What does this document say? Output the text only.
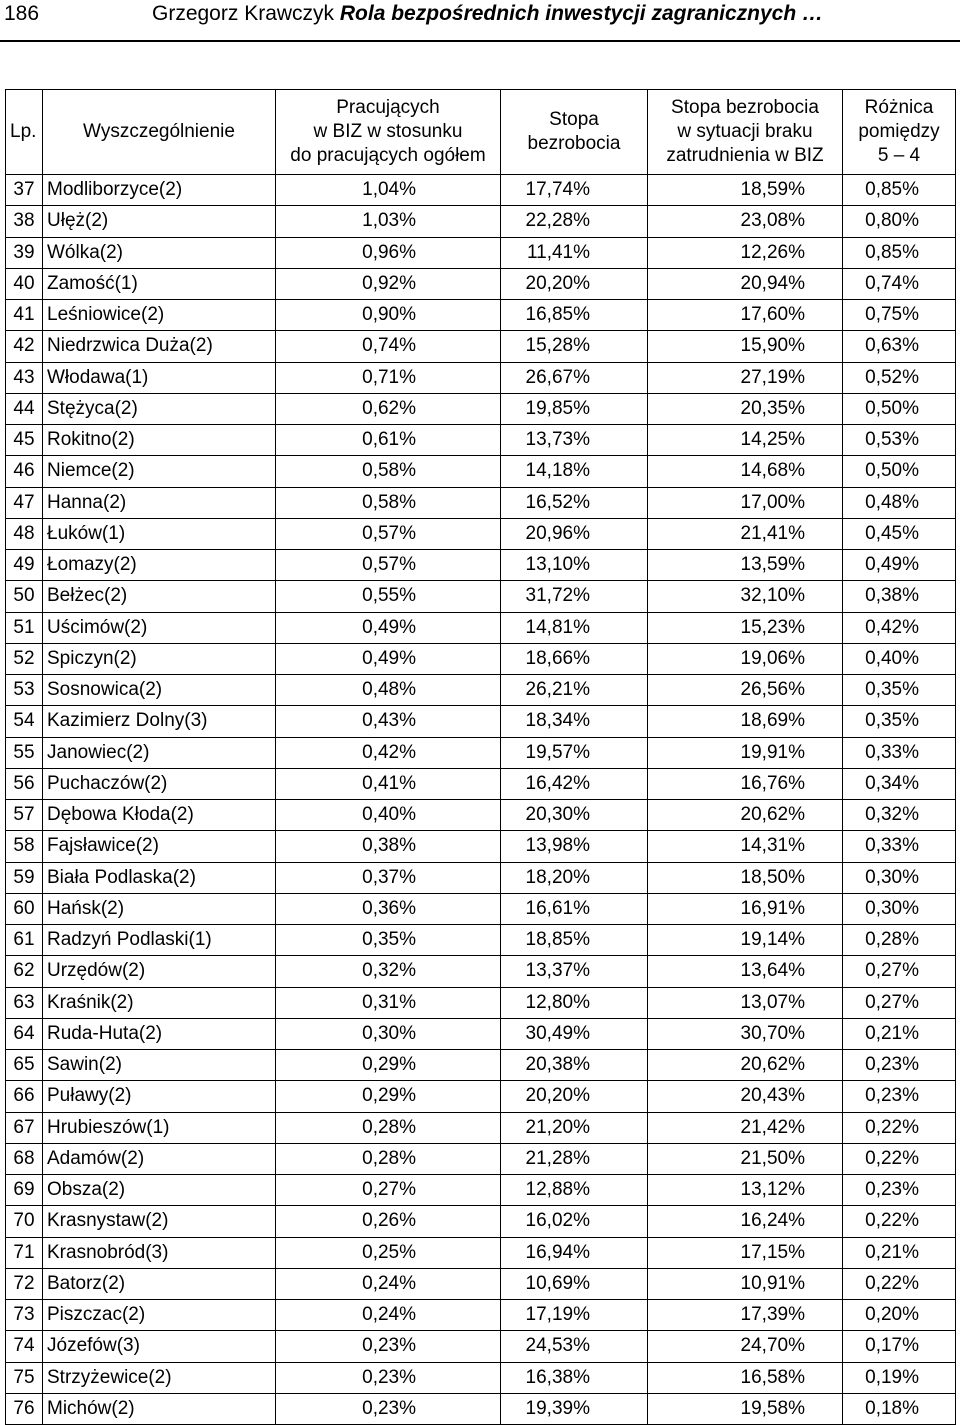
186	Grzegorz Krawczyk Rola bezpośrednich inwestycji zagranicznych …
Lp.	Wyszczególnienie	Pracujących
w BIZ w stosunku
do pracujących ogółem	Stopa
bezrobocia	Stopa bezrobocia
w sytuacji braku
zatrudnienia w BIZ	Różnica
pomiędzy
5 – 4
37	Modliborzyce(2)	1,04%	17,74%	18,59%	0,85%
38	Ułęż(2)	1,03%	22,28%	23,08%	0,80%
39	Wólka(2)	0,96%	11,41%	12,26%	0,85%
40	Zamość(1)	0,92%	20,20%	20,94%	0,74%
41	Leśniowice(2)	0,90%	16,85%	17,60%	0,75%
42	Niedrzwica Duża(2)	0,74%	15,28%	15,90%	0,63%
43	Włodawa(1)	0,71%	26,67%	27,19%	0,52%
44	Stężyca(2)	0,62%	19,85%	20,35%	0,50%
45	Rokitno(2)	0,61%	13,73%	14,25%	0,53%
46	Niemce(2)	0,58%	14,18%	14,68%	0,50%
47	Hanna(2)	0,58%	16,52%	17,00%	0,48%
48	Łuków(1)	0,57%	20,96%	21,41%	0,45%
49	Łomazy(2)	0,57%	13,10%	13,59%	0,49%
50	Bełżec(2)	0,55%	31,72%	32,10%	0,38%
51	Uścimów(2)	0,49%	14,81%	15,23%	0,42%
52	Spiczyn(2)	0,49%	18,66%	19,06%	0,40%
53	Sosnowica(2)	0,48%	26,21%	26,56%	0,35%
54	Kazimierz Dolny(3)	0,43%	18,34%	18,69%	0,35%
55	Janowiec(2)	0,42%	19,57%	19,91%	0,33%
56	Puchaczów(2)	0,41%	16,42%	16,76%	0,34%
57	Dębowa Kłoda(2)	0,40%	20,30%	20,62%	0,32%
58	Fajsławice(2)	0,38%	13,98%	14,31%	0,33%
59	Biała Podlaska(2)	0,37%	18,20%	18,50%	0,30%
60	Hańsk(2)	0,36%	16,61%	16,91%	0,30%
61	Radzyń Podlaski(1)	0,35%	18,85%	19,14%	0,28%
62	Urzędów(2)	0,32%	13,37%	13,64%	0,27%
63	Kraśnik(2)	0,31%	12,80%	13,07%	0,27%
64	Ruda-Huta(2)	0,30%	30,49%	30,70%	0,21%
65	Sawin(2)	0,29%	20,38%	20,62%	0,23%
66	Puławy(2)	0,29%	20,20%	20,43%	0,23%
67	Hrubieszów(1)	0,28%	21,20%	21,42%	0,22%
68	Adamów(2)	0,28%	21,28%	21,50%	0,22%
69	Obsza(2)	0,27%	12,88%	13,12%	0,23%
70	Krasnystaw(2)	0,26%	16,02%	16,24%	0,22%
71	Krasnobród(3)	0,25%	16,94%	17,15%	0,21%
72	Batorz(2)	0,24%	10,69%	10,91%	0,22%
73	Piszczac(2)	0,24%	17,19%	17,39%	0,20%
74	Józefów(3)	0,23%	24,53%	24,70%	0,17%
75	Strzyżewice(2)	0,23%	16,38%	16,58%	0,19%
76	Michów(2)	0,23%	19,39%	19,58%	0,18%
